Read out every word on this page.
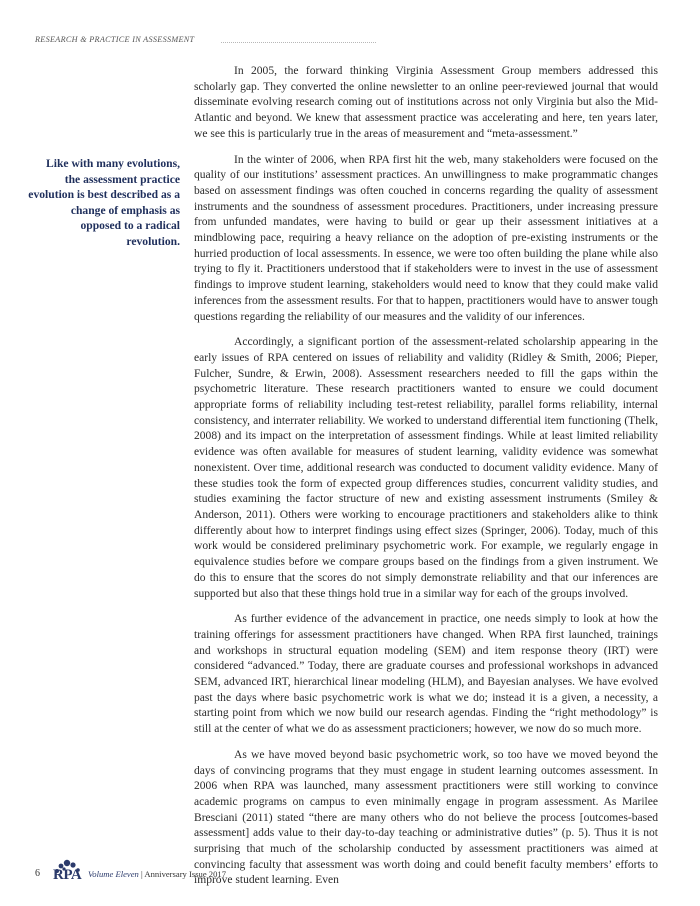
RESEARCH & PRACTICE IN ASSESSMENT
Like with many evolutions, the assessment practice evolution is best described as a change of emphasis as opposed to a radical revolution.

In 2005, the forward thinking Virginia Assessment Group members addressed this scholarly gap. They converted the online newsletter to an online peer-reviewed journal that would disseminate evolving research coming out of institutions across not only Virginia but also the Mid-Atlantic and beyond. We knew that assessment practice was accelerating and here, ten years later, we see this is particularly true in the areas of measurement and “meta-assessment.”

In the winter of 2006, when RPA first hit the web, many stakeholders were focused on the quality of our institutions’ assessment practices. An unwillingness to make programmatic changes based on assessment findings was often couched in concerns regarding the quality of assessment instruments and the soundness of assessment procedures. Practitioners, under increasing pressure from unfunded mandates, were having to build or gear up their assessment initiatives at a mindblowing pace, requiring a heavy reliance on the adoption of pre-existing instruments or the hurried production of local assessments. In essence, we were too often building the plane while also trying to fly it. Practitioners understood that if stakeholders were to invest in the use of assessment findings to improve student learning, stakeholders would need to know that they could make valid inferences from the assessment results. For that to happen, practitioners would have to answer tough questions regarding the reliability of our measures and the validity of our inferences.

Accordingly, a significant portion of the assessment-related scholarship appearing in the early issues of RPA centered on issues of reliability and validity (Ridley & Smith, 2006; Pieper, Fulcher, Sundre, & Erwin, 2008). Assessment researchers needed to fill the gaps within the psychometric literature. These research practitioners wanted to ensure we could document appropriate forms of reliability including test-retest reliability, parallel forms reliability, internal consistency, and interrater reliability. We worked to understand differential item functioning (Thelk, 2008) and its impact on the interpretation of assessment findings. While at least limited reliability evidence was often available for measures of student learning, validity evidence was somewhat nonexistent. Over time, additional research was conducted to document validity evidence. Many of these studies took the form of expected group differences studies, concurrent validity studies, and studies examining the factor structure of new and existing assessment instruments (Smiley & Anderson, 2011). Others were working to encourage practitioners and stakeholders alike to think differently about how to interpret findings using effect sizes (Springer, 2006). Today, much of this work would be considered preliminary psychometric work. For example, we regularly engage in equivalence studies before we compare groups based on the findings from a given instrument. We do this to ensure that the scores do not simply demonstrate reliability and that our inferences are supported but also that these things hold true in a similar way for each of the groups involved.

As further evidence of the advancement in practice, one needs simply to look at how the training offerings for assessment practitioners have changed. When RPA first launched, trainings and workshops in structural equation modeling (SEM) and item response theory (IRT) were considered “advanced.” Today, there are graduate courses and professional workshops in advanced SEM, advanced IRT, hierarchical linear modeling (HLM), and Bayesian analyses. We have evolved past the days where basic psychometric work is what we do; instead it is a given, a necessity, a starting point from which we now build our research agendas. Finding the “right methodology” is still at the center of what we do as assessment practicioners; however, we now do so much more.

As we have moved beyond basic psychometric work, so too have we moved beyond the days of convincing programs that they must engage in student learning outcomes assessment. In 2006 when RPA was launched, many assessment practitioners were still working to convince academic programs on campus to even minimally engage in program assessment. As Marilee Bresciani (2011) stated “there are many others who do not believe the process [outcomes-based assessment] adds value to their day-to-day teaching or administrative duties” (p. 5). Thus it is not surprising that much of the scholarship conducted by assessment practitioners was aimed at convincing faculty that assessment was worth doing and could benefit faculty members’ efforts to improve student learning. Even

6 RPA Volume Eleven | Anniversary Issue 2017
